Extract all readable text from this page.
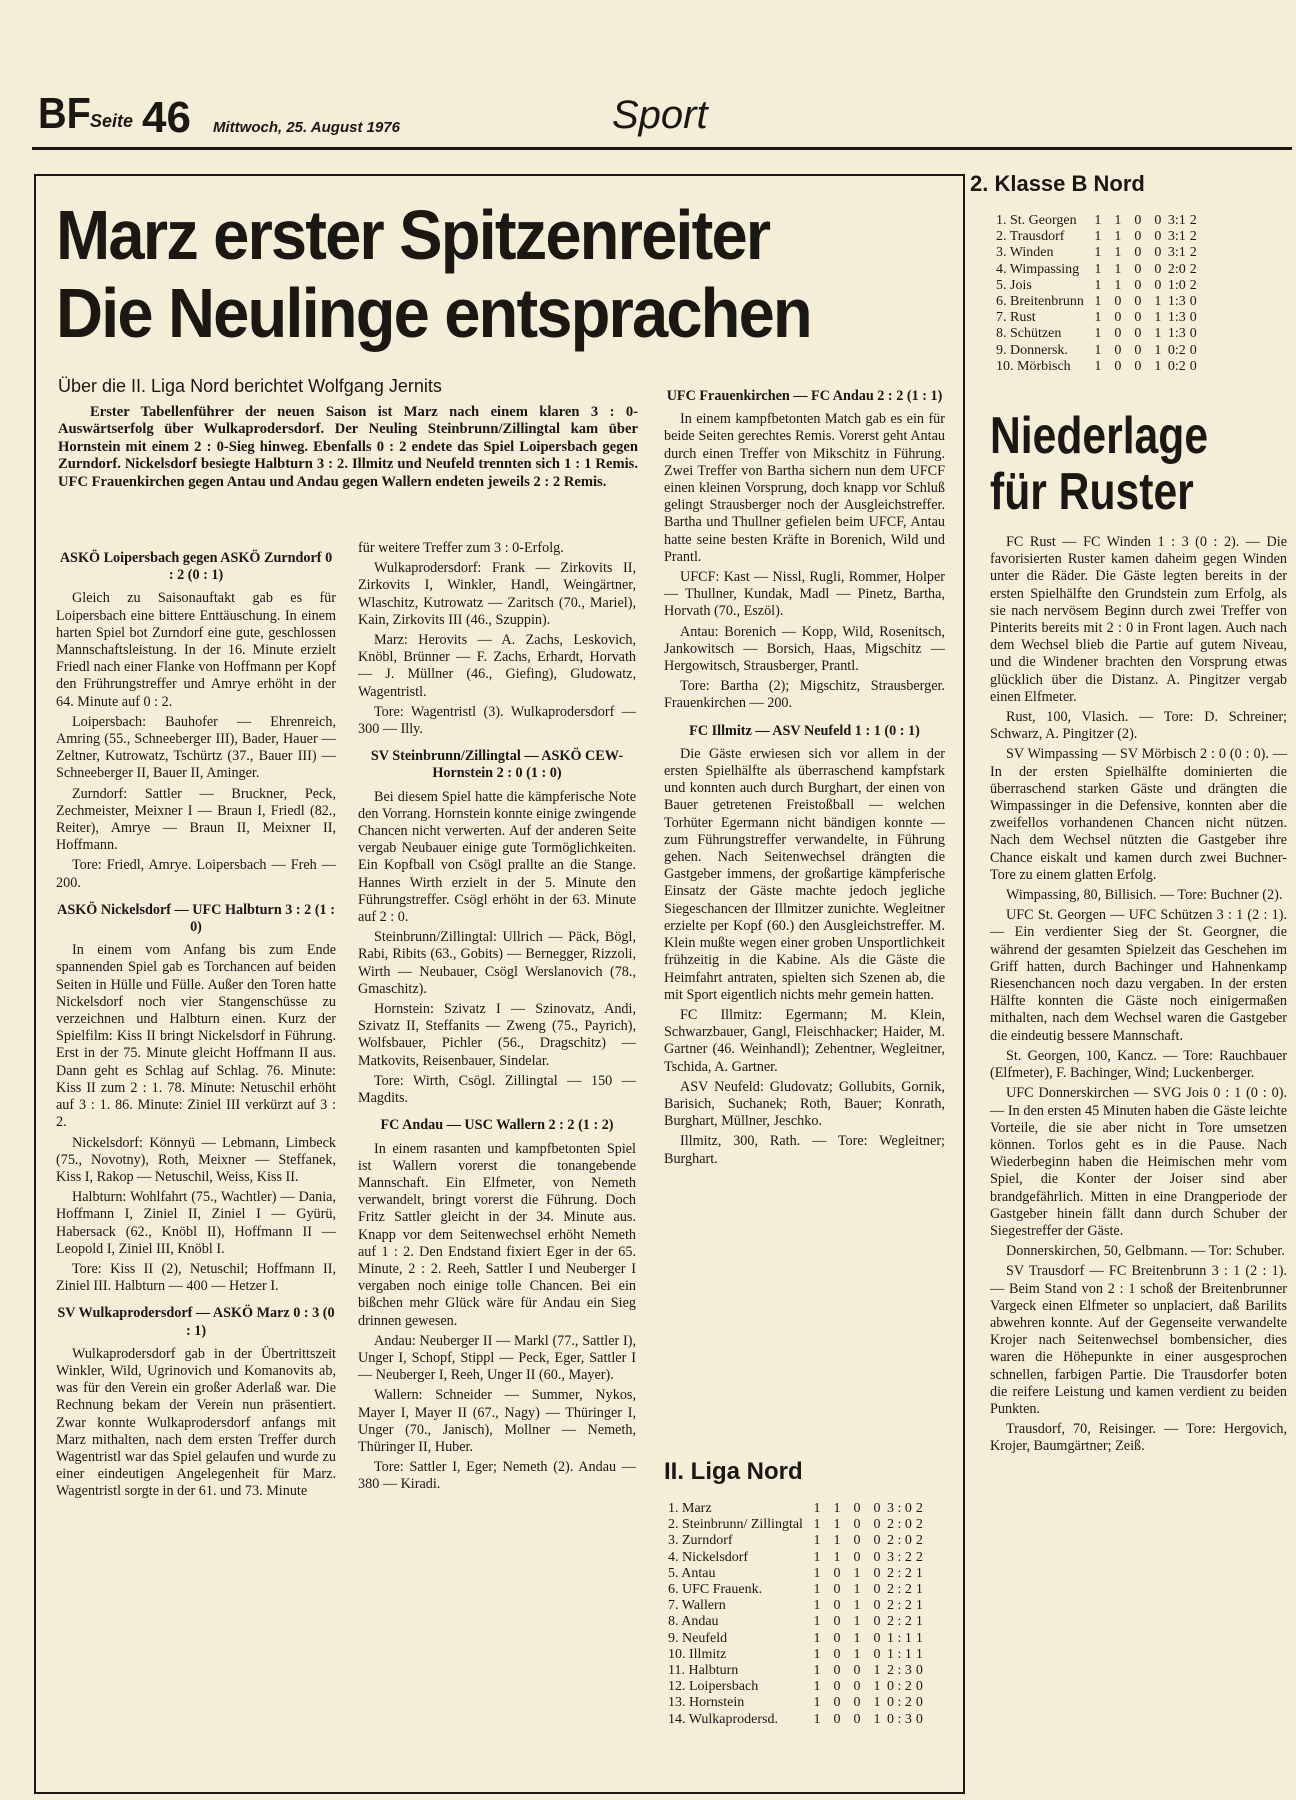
BF Seite 46 Mittwoch, 25. August 1976	Sport
Marz erster Spitzenreiter
Die Neulinge entsprachen
Über die II. Liga Nord berichtet Wolfgang Jernits
Erster Tabellenführer der neuen Saison ist Marz nach einem klaren 3 : 0-Auswärtserfolg über Wulkaprodersdorf. Der Neuling Steinbrunn/Zillingtal kam über Hornstein mit einem 2 : 0-Sieg hinweg. Ebenfalls 0 : 2 endete das Spiel Loipersbach gegen Zurndorf. Nickelsdorf besiegte Halbturn 3 : 2. Illmitz und Neufeld trennten sich 1 : 1 Remis. UFC Frauenkirchen gegen Antau und Andau gegen Wallern endeten jeweils 2 : 2 Remis.

ASKÖ Loipersbach gegen ASKÖ Zurndorf 0 : 2 (0 : 1)

Gleich zu Saisonauftakt gab es für Loipersbach eine bittere Enttäuschung. In einem harten Spiel bot Zurndorf eine gute, geschlossen Mannschaftsleistung. In der 16. Minute erzielt Friedl nach einer Flanke von Hoffmann per Kopf den Frührungstreffer und Amrye erhöht in der 64. Minute auf 0 : 2.

Loipersbach: Bauhofer — Ehrenreich, Amring (55., Schneeberger III), Bader, Hauer — Zeltner, Kutrowatz, Tschürtz (37., Bauer III) — Schneeberger II, Bauer II, Aminger.

Zurndorf: Sattler — Bruckner, Peck, Zechmeister, Meixner I — Braun I, Friedl (82., Reiter), Amrye — Braun II, Meixner II, Hoffmann.

Tore: Friedl, Amrye. Loipersbach — Freh — 200.

ASKÖ Nickelsdorf — UFC Halbturn 3 : 2 (1 : 0)

In einem vom Anfang bis zum Ende spannenden Spiel gab es Torchancen auf beiden Seiten in Hülle und Fülle. Außer den Toren hatte Nickelsdorf noch vier Stangenschüsse zu verzeichnen und Halbturn einen. Kurz der Spielfilm: Kiss II bringt Nickelsdorf in Führung. Erst in der 75. Minute gleicht Hoffmann II aus. Dann geht es Schlag auf Schlag. 76. Minute: Kiss II zum 2 : 1. 78. Minute: Netuschil erhöht auf 3 : 1. 86. Minute: Ziniel III verkürzt auf 3 : 2.

Nickelsdorf: Könnyü — Lebmann, Limbeck (75., Novotny), Roth, Meixner — Steffanek, Kiss I, Rakop — Netuschil, Weiss, Kiss II.

Halbturn: Wohlfahrt (75., Wachtler) — Dania, Hoffmann I, Ziniel II, Ziniel I — Gyürü, Habersack (62., Knöbl II), Hoffmann II — Leopold I, Ziniel III, Knöbl I.

Tore: Kiss II (2), Netuschil; Hoffmann II, Ziniel III. Halbturn — 400 — Hetzer I.

SV Wulkaprodersdorf — ASKÖ Marz 0 : 3 (0 : 1)

Wulkaprodersdorf gab in der Übertrittszeit Winkler, Wild, Ugrinovich und Komanovits ab, was für den Verein ein großer Aderlaß war. Die Rechnung bekam der Verein nun präsentiert. Zwar konnte Wulkaprodersdorf anfangs mit Marz mithalten, nach dem ersten Treffer durch Wagentristl war das Spiel gelaufen und wurde zu einer eindeutigen Angelegenheit für Marz. Wagentristl sorgte in der 61. und 73. Minute

für weitere Treffer zum 3 : 0-Erfolg.

Wulkaprodersdorf: Frank — Zirkovits II, Zirkovits I, Winkler, Handl, Weingärtner, Wlaschitz, Kutrowatz — Zaritsch (70., Mariel), Kain, Zirkovits III (46., Szuppin).

Marz: Herovits — A. Zachs, Leskovich, Knöbl, Brünner — F. Zachs, Erhardt, Horvath — J. Müllner (46., Giefing), Gludowatz, Wagentristl.

Tore: Wagentristl (3). Wulkaprodersdorf — 300 — Illy.

SV Steinbrunn/Zillingtal — ASKÖ CEW-Hornstein 2 : 0 (1 : 0)

Bei diesem Spiel hatte die kämpferische Note den Vorrang. Hornstein konnte einige zwingende Chancen nicht verwerten. Auf der anderen Seite vergab Neubauer einige gute Tormöglichkeiten. Ein Kopfball von Csögl prallte an die Stange. Hannes Wirth erzielt in der 5. Minute den Führungstreffer. Csögl erhöht in der 63. Minute auf 2 : 0.

Steinbrunn/Zillingtal: Ullrich — Päck, Bögl, Rabi, Ribits (63., Gobits) — Bernegger, Rizzoli, Wirth — Neubauer, Csögl Werslanovich (78., Gmaschitz).

Hornstein: Szivatz I — Szinovatz, Andi, Szivatz II, Steffanits — Zweng (75., Payrich), Wolfsbauer, Pichler (56., Dragschitz) — Matkovits, Reisenbauer, Sindelar.

Tore: Wirth, Csögl. Zillingtal — 150 — Magdits.

FC Andau — USC Wallern 2 : 2 (1 : 2)

In einem rasanten und kampfbetonten Spiel ist Wallern vorerst die tonangebende Mannschaft. Ein Elfmeter, von Nemeth verwandelt, bringt vorerst die Führung. Doch Fritz Sattler gleicht in der 34. Minute aus. Knapp vor dem Seitenwechsel erhöht Nemeth auf 1 : 2. Den Endstand fixiert Eger in der 65. Minute, 2 : 2. Reeh, Sattler I und Neuberger I vergaben noch einige tolle Chancen. Bei ein bißchen mehr Glück wäre für Andau ein Sieg drinnen gewesen.

Andau: Neuberger II — Markl (77., Sattler I), Unger I, Schopf, Stippl — Peck, Eger, Sattler I — Neuberger I, Reeh, Unger II (60., Mayer).

Wallern: Schneider — Summer, Nykos, Mayer I, Mayer II (67., Nagy) — Thüringer I, Unger (70., Janisch), Mollner — Nemeth, Thüringer II, Huber.

Tore: Sattler I, Eger; Nemeth (2). Andau — 380 — Kiradi.

UFC Frauenkirchen — FC Andau 2 : 2 (1 : 1)

In einem kampfbetonten Match gab es ein für beide Seiten gerechtes Remis. Vorerst geht Antau durch einen Treffer von Mikschitz in Führung. Zwei Treffer von Bartha sichern nun dem UFCF einen kleinen Vorsprung, doch knapp vor Schluß gelingt Strausberger noch der Ausgleichstreffer. Bartha und Thullner gefielen beim UFCF, Antau hatte seine besten Kräfte in Borenich, Wild und Prantl.

UFCF: Kast — Nissl, Rugli, Rommer, Holper — Thullner, Kundak, Madl — Pinetz, Bartha, Horvath (70., Eszöl).

Antau: Borenich — Kopp, Wild, Rosenitsch, Jankowitsch — Borsich, Haas, Migschitz — Hergowitsch, Strausberger, Prantl.

Tore: Bartha (2); Migschitz, Strausberger. Frauenkirchen — 200.

FC Illmitz — ASV Neufeld 1 : 1 (0 : 1)

Die Gäste erwiesen sich vor allem in der ersten Spielhälfte als überraschend kampfstark und konnten auch durch Burghart, der einen von Bauer getretenen Freistoßball — welchen Torhüter Egermann nicht bändigen konnte — zum Führungstreffer verwandelte, in Führung gehen. Nach Seitenwechsel drängten die Gastgeber immens, der großartige kämpferische Einsatz der Gäste machte jedoch jegliche Siegeschancen der Illmitzer zunichte. Wegleitner erzielte per Kopf (60.) den Ausgleichstreffer. M. Klein mußte wegen einer groben Unsportlichkeit frühzeitig in die Kabine. Als die Gäste die Heimfahrt antraten, spielten sich Szenen ab, die mit Sport eigentlich nichts mehr gemein hatten.

FC Illmitz: Egermann; M. Klein, Schwarzbauer, Gangl, Fleischhacker; Haider, M. Gartner (46. Weinhandl); Zehentner, Wegleitner, Tschida, A. Gartner.

ASV Neufeld: Gludovatz; Gollubits, Gornik, Barisich, Suchanek; Roth, Bauer; Konrath, Burghart, Müllner, Jeschko.

Illmitz, 300, Rath. — Tore: Wegleitner; Burghart.

II. Liga Nord
1. Marz	1	1	0	0	3 : 0	2
2. Steinbrunn/ Zillingtal	1	1	0	0	2 : 0	2
3. Zurndorf	1	1	0	0	2 : 0	2
4. Nickelsdorf	1	1	0	0	3 : 2	2
5. Antau	1	0	1	0	2 : 2	1
6. UFC Frauenk.	1	0	1	0	2 : 2	1
7. Wallern	1	0	1	0	2 : 2	1
8. Andau	1	0	1	0	2 : 2	1
9. Neufeld	1	0	1	0	1 : 1	1
10. Illmitz	1	0	1	0	1 : 1	1
11. Halbturn	1	0	0	1	2 : 3	0
12. Loipersbach	1	0	0	1	0 : 2	0
13. Hornstein	1	0	0	1	0 : 2	0
14. Wulkaprodersd.	1	0	0	1	0 : 3	0
2. Klasse B Nord
1. St. Georgen	1	1	0	0	3:1	2
2. Trausdorf	1	1	0	0	3:1	2
3. Winden	1	1	0	0	3:1	2
4. Wimpassing	1	1	0	0	2:0	2
5. Jois	1	1	0	0	1:0	2
6. Breitenbrunn	1	0	0	1	1:3	0
7. Rust	1	0	0	1	1:3	0
8. Schützen	1	0	0	1	1:3	0
9. Donnersk.	1	0	0	1	0:2	0
10. Mörbisch	1	0	0	1	0:2	0
Niederlage
für Ruster

FC Rust — FC Winden 1 : 3 (0 : 2). — Die favorisierten Ruster kamen daheim gegen Winden unter die Räder. Die Gäste legten bereits in der ersten Spielhälfte den Grundstein zum Erfolg, als sie nach nervösem Beginn durch zwei Treffer von Pinterits bereits mit 2 : 0 in Front lagen. Auch nach dem Wechsel blieb die Partie auf gutem Niveau, und die Windener brachten den Vorsprung etwas glücklich über die Distanz. A. Pingitzer vergab einen Elfmeter.

Rust, 100, Vlasich. — Tore: D. Schreiner; Schwarz, A. Pingitzer (2).

SV Wimpassing — SV Mörbisch 2 : 0 (0 : 0). — In der ersten Spielhälfte dominierten die überraschend starken Gäste und drängten die Wimpassinger in die Defensive, konnten aber die zweifellos vorhandenen Chancen nicht nützen. Nach dem Wechsel nützten die Gastgeber ihre Chance eiskalt und kamen durch zwei Buchner-Tore zu einem glatten Erfolg.

Wimpassing, 80, Billisich. — Tore: Buchner (2).

UFC St. Georgen — UFC Schützen 3 : 1 (2 : 1). — Ein verdienter Sieg der St. Georgner, die während der gesamten Spielzeit das Geschehen im Griff hatten, durch Bachinger und Hahnenkamp Riesenchancen noch dazu vergaben. In der ersten Hälfte konnten die Gäste noch einigermaßen mithalten, nach dem Wechsel waren die Gastgeber die eindeutig bessere Mannschaft.

St. Georgen, 100, Kancz. — Tore: Rauchbauer (Elfmeter), F. Bachinger, Wind; Luckenberger.

UFC Donnerskirchen — SVG Jois 0 : 1 (0 : 0). — In den ersten 45 Minuten haben die Gäste leichte Vorteile, die sie aber nicht in Tore umsetzen können. Torlos geht es in die Pause. Nach Wiederbeginn haben die Heimischen mehr vom Spiel, die Konter der Joiser sind aber brandgefährlich. Mitten in eine Drangperiode der Gastgeber hinein fällt dann durch Schuber der Siegestreffer der Gäste.

Donnerskirchen, 50, Gelbmann. — Tor: Schuber.

SV Trausdorf — FC Breitenbrunn 3 : 1 (2 : 1). — Beim Stand von 2 : 1 schoß der Breitenbrunner Vargeck einen Elfmeter so unplaciert, daß Barilits abwehren konnte. Auf der Gegenseite verwandelte Krojer nach Seitenwechsel bombensicher, dies waren die Höhepunkte in einer ausgesprochen schnellen, farbigen Partie. Die Trausdorfer boten die reifere Leistung und kamen verdient zu beiden Punkten.

Trausdorf, 70, Reisinger. — Tore: Hergovich, Krojer, Baumgärtner; Zeiß.
